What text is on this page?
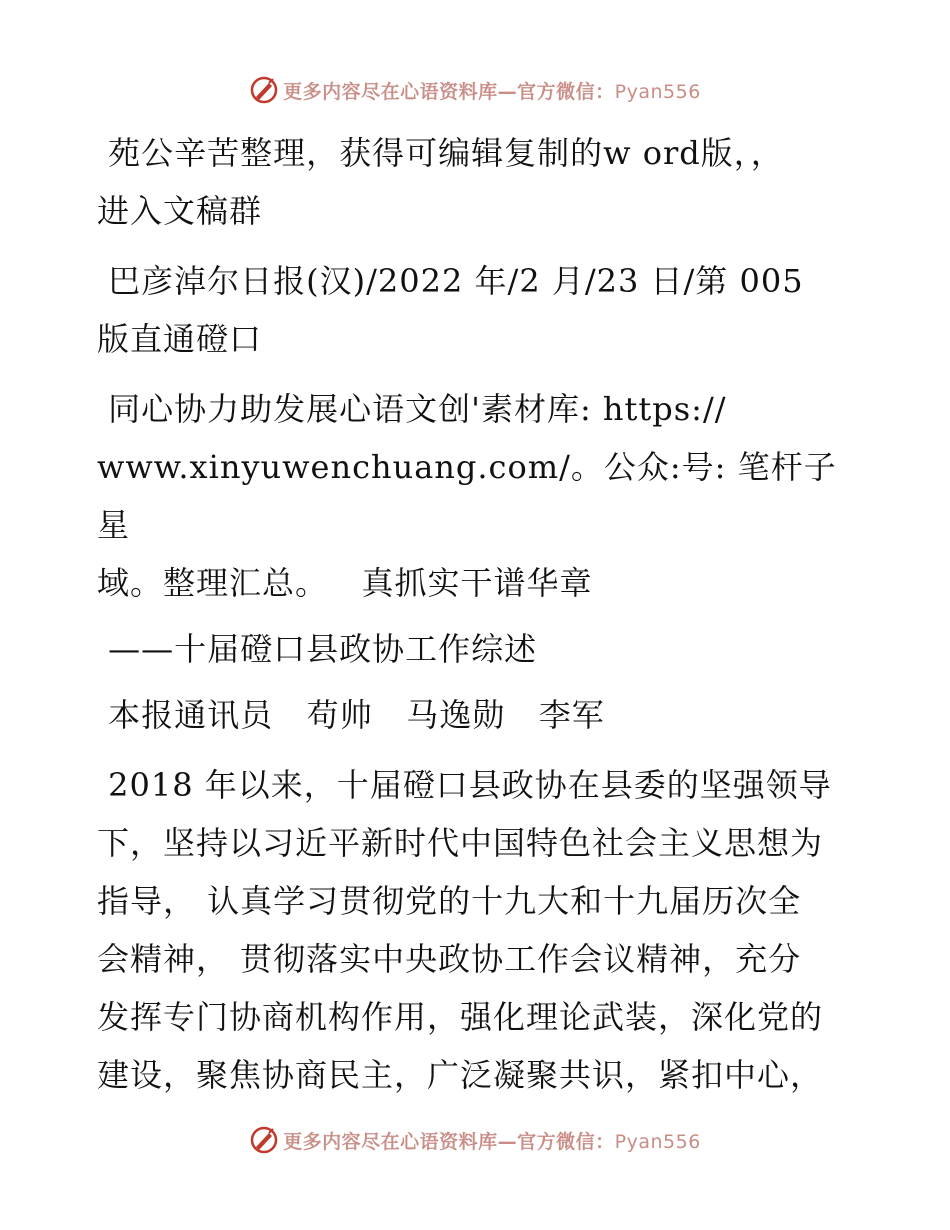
更多内容尽在心语资料库—官方微信：Pyan556

苑公辛苦整理，获得可编辑复制的w ord版，，
进入文稿群

巴彦淖尔日报(汉)/2022 年/2 月/23 日/第 005
版直通磴口

同心协力助发展心语文创'素材库: https://
www.xinyuwenchuang.com/。公众:号: 笔杆子星
域。整理汇总。   真抓实干谱华章

——十届磴口县政协工作综述

本报通讯员   苟帅   马逸勋   李军

2018 年以来，十届磴口县政协在县委的坚强领导
下，坚持以习近平新时代中国特色社会主义思想为
指导， 认真学习贯彻党的十九大和十九届历次全
会精神， 贯彻落实中央政协工作会议精神，充分
发挥专门协商机构作用，强化理论武装，深化党的
建设，聚焦协商民主，广泛凝聚共识，紧扣中心，

更多内容尽在心语资料库—官方微信：Pyan556
